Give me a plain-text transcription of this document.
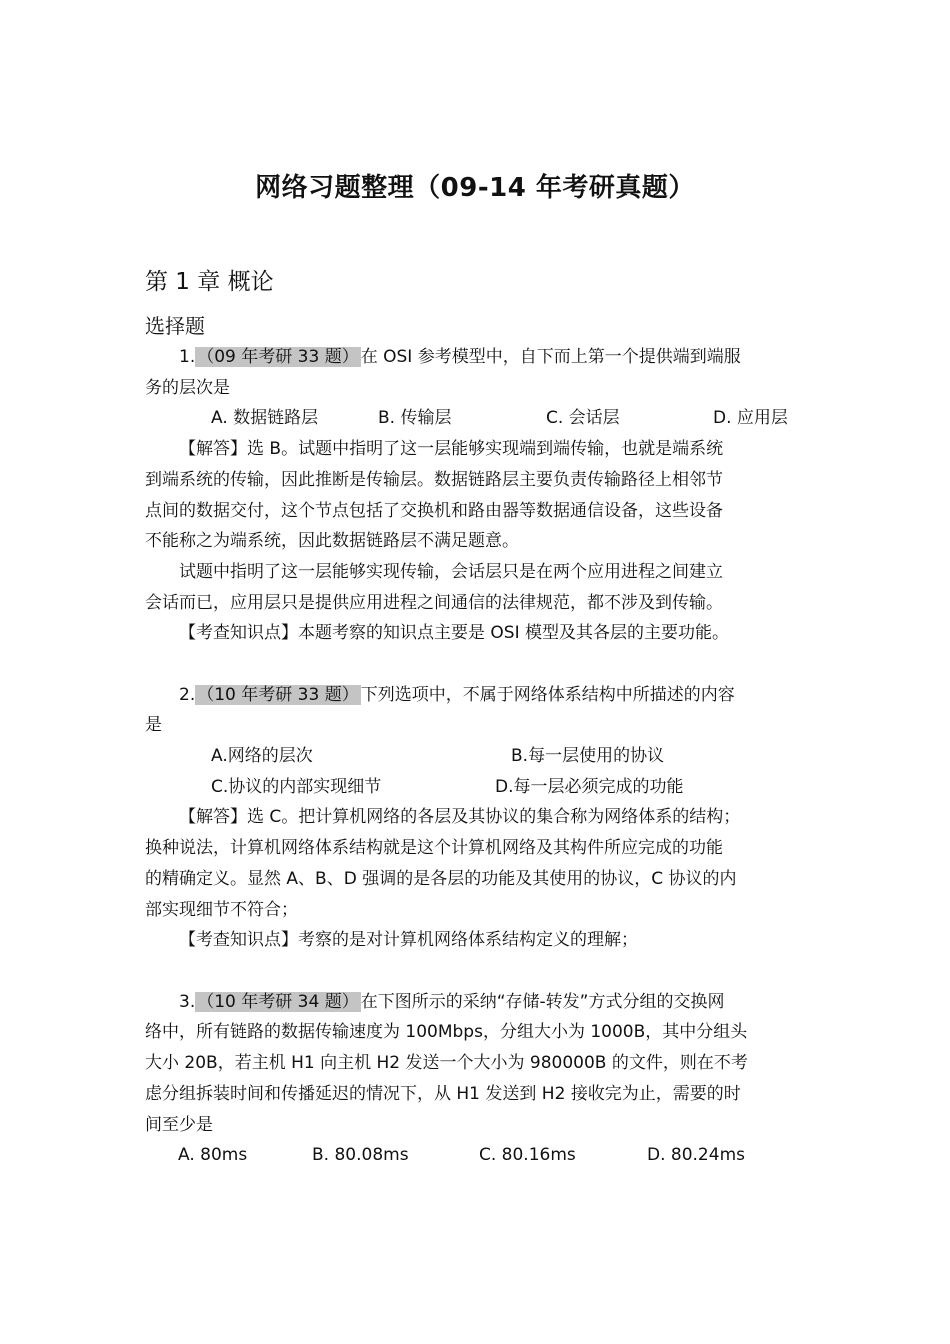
网络习题整理（09-14 年考研真题）
第 1 章 概论
选择题
1. （09 年考研 33 题） 在 OSI 参考模型中，自下而上第一个提供端到端服
务的层次是
A. 数据链路层	B. 传输层	C. 会话层	D. 应用层
【解答】选 B。试题中指明了这一层能够实现端到端传输，也就是端系统
到端系统的传输，因此推断是传输层。数据链路层主要负责传输路径上相邻节
点间的数据交付，这个节点包括了交换机和路由器等数据通信设备，这些设备
不能称之为端系统，因此数据链路层不满足题意。
试题中指明了这一层能够实现传输，会话层只是在两个应用进程之间建立
会话而已，应用层只是提供应用进程之间通信的法律规范，都不涉及到传输。
【考查知识点】本题考察的知识点主要是 OSI 模型及其各层的主要功能。
2. （10 年考研 33 题） 下列选项中，不属于网络体系结构中所描述的内容
是
A.网络的层次	B.每一层使用的协议
C.协议的内部实现细节	D.每一层必须完成的功能
【解答】选 C。把计算机网络的各层及其协议的集合称为网络体系的结构；
换种说法，计算机网络体系结构就是这个计算机网络及其构件所应完成的功能
的精确定义。显然 A、B、D 强调的是各层的功能及其使用的协议，C 协议的内
部实现细节不符合；
【考查知识点】考察的是对计算机网络体系结构定义的理解；
3. （10 年考研 34 题） 在下图所示的采纳“存储-转发”方式分组的交换网
络中，所有链路的数据传输速度为 100Mbps，分组大小为 1000B，其中分组头
大小 20B，若主机 H1 向主机 H2 发送一个大小为 980000B 的文件，则在不考
虑分组拆装时间和传播延迟的情况下，从 H1 发送到 H2 接收完为止，需要的时
间至少是
A. 80ms	B. 80.08ms	C. 80.16ms	D. 80.24ms
